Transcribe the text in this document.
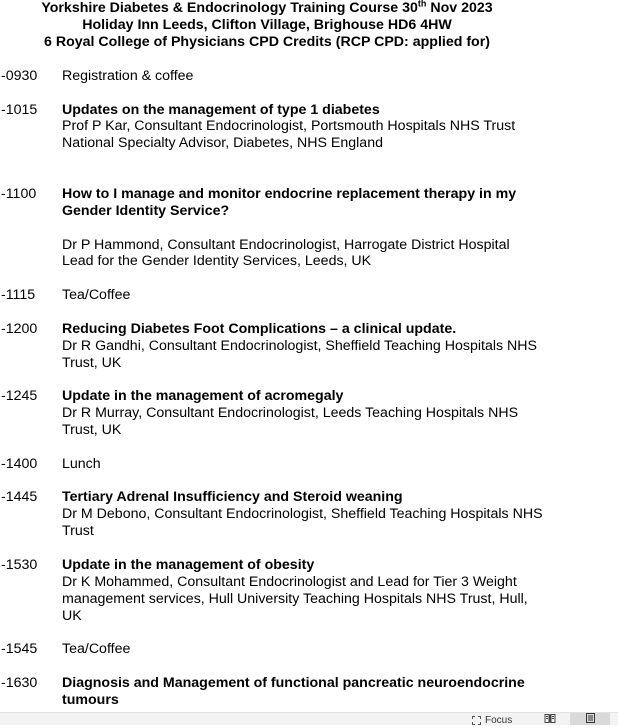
Yorkshire Diabetes & Endocrinology Training Course 30th Nov 2023
Holiday Inn Leeds, Clifton Village, Brighouse HD6 4HW
6 Royal College of Physicians CPD Credits (RCP CPD: applied for)
-0930 Registration & coffee
-1015 Updates on the management of type 1 diabetes
Prof P Kar, Consultant Endocrinologist, Portsmouth Hospitals NHS Trust
National Specialty Advisor, Diabetes, NHS England
-1100 How to I manage and monitor endocrine replacement therapy in my
Gender Identity Service?
Dr P Hammond, Consultant Endocrinologist, Harrogate District Hospital
Lead for the Gender Identity Services, Leeds, UK
-1115 Tea/Coffee
-1200 Reducing Diabetes Foot Complications – a clinical update.
Dr R Gandhi, Consultant Endocrinologist, Sheffield Teaching Hospitals NHS
Trust, UK
-1245 Update in the management of acromegaly
Dr R Murray, Consultant Endocrinologist, Leeds Teaching Hospitals NHS
Trust, UK
-1400 Lunch
-1445 Tertiary Adrenal Insufficiency and Steroid weaning
Dr M Debono, Consultant Endocrinologist, Sheffield Teaching Hospitals NHS
Trust
-1530 Update in the management of obesity
Dr K Mohammed, Consultant Endocrinologist and Lead for Tier 3 Weight
management services, Hull University Teaching Hospitals NHS Trust, Hull,
UK
-1545 Tea/Coffee
-1630 Diagnosis and Management of functional pancreatic neuroendocrine
tumours
Focus
